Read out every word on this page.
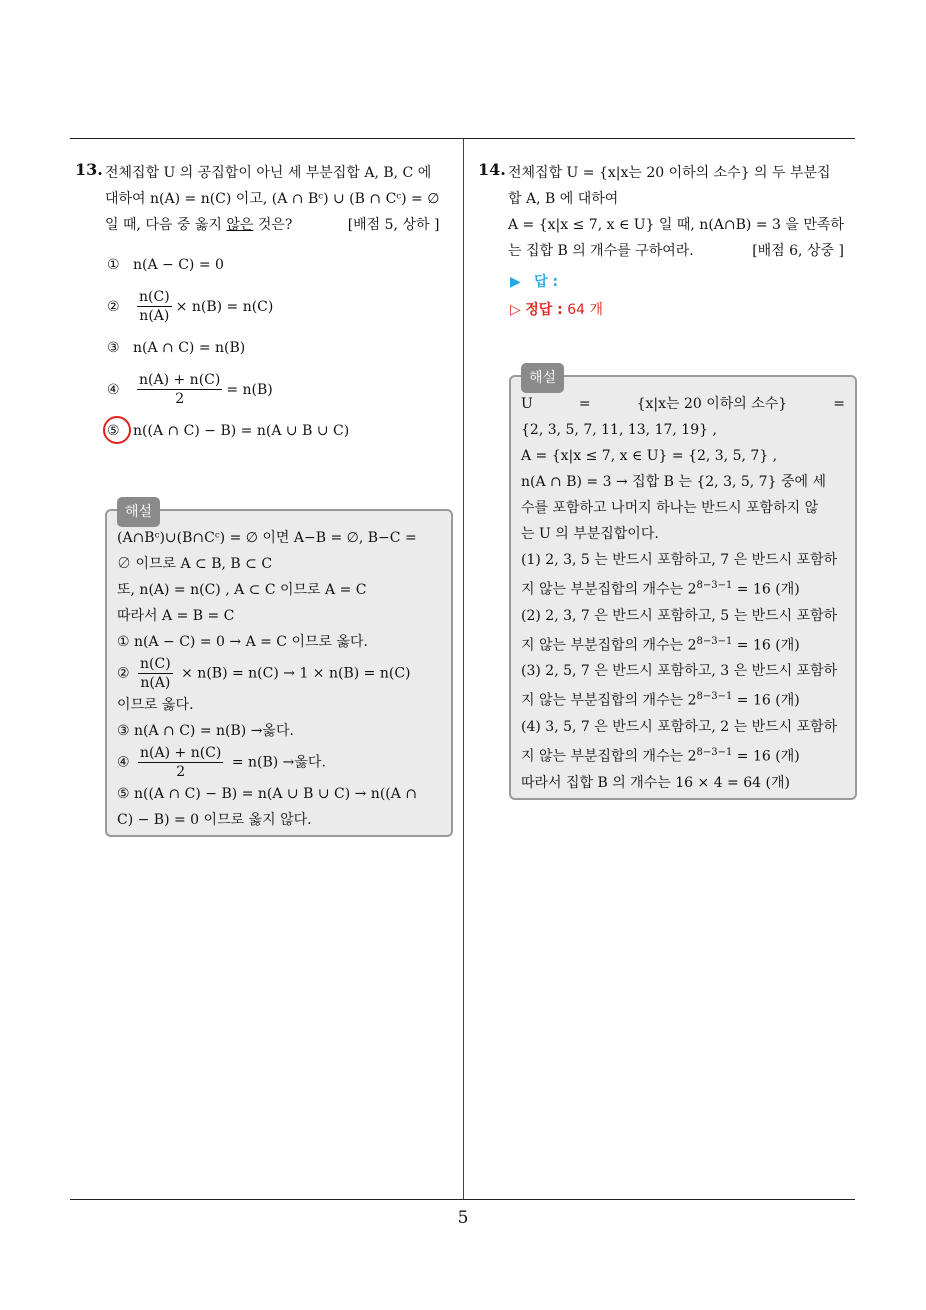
13. 전체집합 U 의 공집합이 아닌 세 부분집합 A, B, C 에

대하여 n(A) = n(C) 이고, (A ∩ Bᶜ) ∪ (B ∩ Cᶜ) = ∅

일 때, 다음 중 옳지 않은 것은?	[배점 5, 상하 ]

① n(A − C) = 0
②	$\frac{n(C)}{n(A)} \times n(B) = n(C)$
③ n(A ∩ C) = n(B)
④	$\frac{n(A) + n(C)}{2} = n(B)$
⑤ n((A ∩ C) − B) = n(A ∪ B ∪ C)
해설

(A∩Bᶜ)∪(B∩Cᶜ) = ∅ 이면 A−B = ∅, B−C =

∅ 이므로 A ⊂ B, B ⊂ C

또, n(A) = n(C) , A ⊂ C 이므로 A = C

따라서 A = B = C

① n(A − C) = 0 → A = C 이므로 옳다.

② $\frac{n(C)}{n(A)} \times n(B) = n(C) \to 1 \times n(B) = n(C)$

이므로 옳다.

③ n(A ∩ C) = n(B) →옳다.

④ $\frac{n(A) + n(C)}{2} = n(B)$ →옳다.

⑤ n((A ∩ C) − B) = n(A ∪ B ∪ C) → n((A ∩

C) − B) = 0 이므로 옳지 않다.

14. 전체집합 U = {x|x는 20 이하의 소수} 의 두 부분집

합 A, B 에 대하여

A = {x|x ≤ 7, x ∈ U} 일 때, n(A∩B) = 3 을 만족하

는 집합 B 의 개수를 구하여라.	[배점 6, 상중 ]

▶ 답 :
▷ 정답 : 64 개
해설

U	=	{x|x는 20 이하의 소수}	=

{2, 3, 5, 7, 11, 13, 17, 19} ,

A = {x|x ≤ 7, x ∈ U} = {2, 3, 5, 7} ,

n(A ∩ B) = 3 → 집합 B 는 {2, 3, 5, 7} 중에 세

수를 포함하고 나머지 하나는 반드시 포함하지 않

는 U 의 부분집합이다.

(1) 2, 3, 5 는 반드시 포함하고, 7 은 반드시 포함하

지 않는 부분집합의 개수는 $2^{8-3-1} = 16$ (개)

(2) 2, 3, 7 은 반드시 포함하고, 5 는 반드시 포함하

지 않는 부분집합의 개수는 $2^{8-3-1} = 16$ (개)

(3) 2, 5, 7 은 반드시 포함하고, 3 은 반드시 포함하

지 않는 부분집합의 개수는 $2^{8-3-1} = 16$ (개)

(4) 3, 5, 7 은 반드시 포함하고, 2 는 반드시 포함하

지 않는 부분집합의 개수는 $2^{8-3-1} = 16$ (개)

따라서 집합 B 의 개수는 16 × 4 = 64 (개)

5
